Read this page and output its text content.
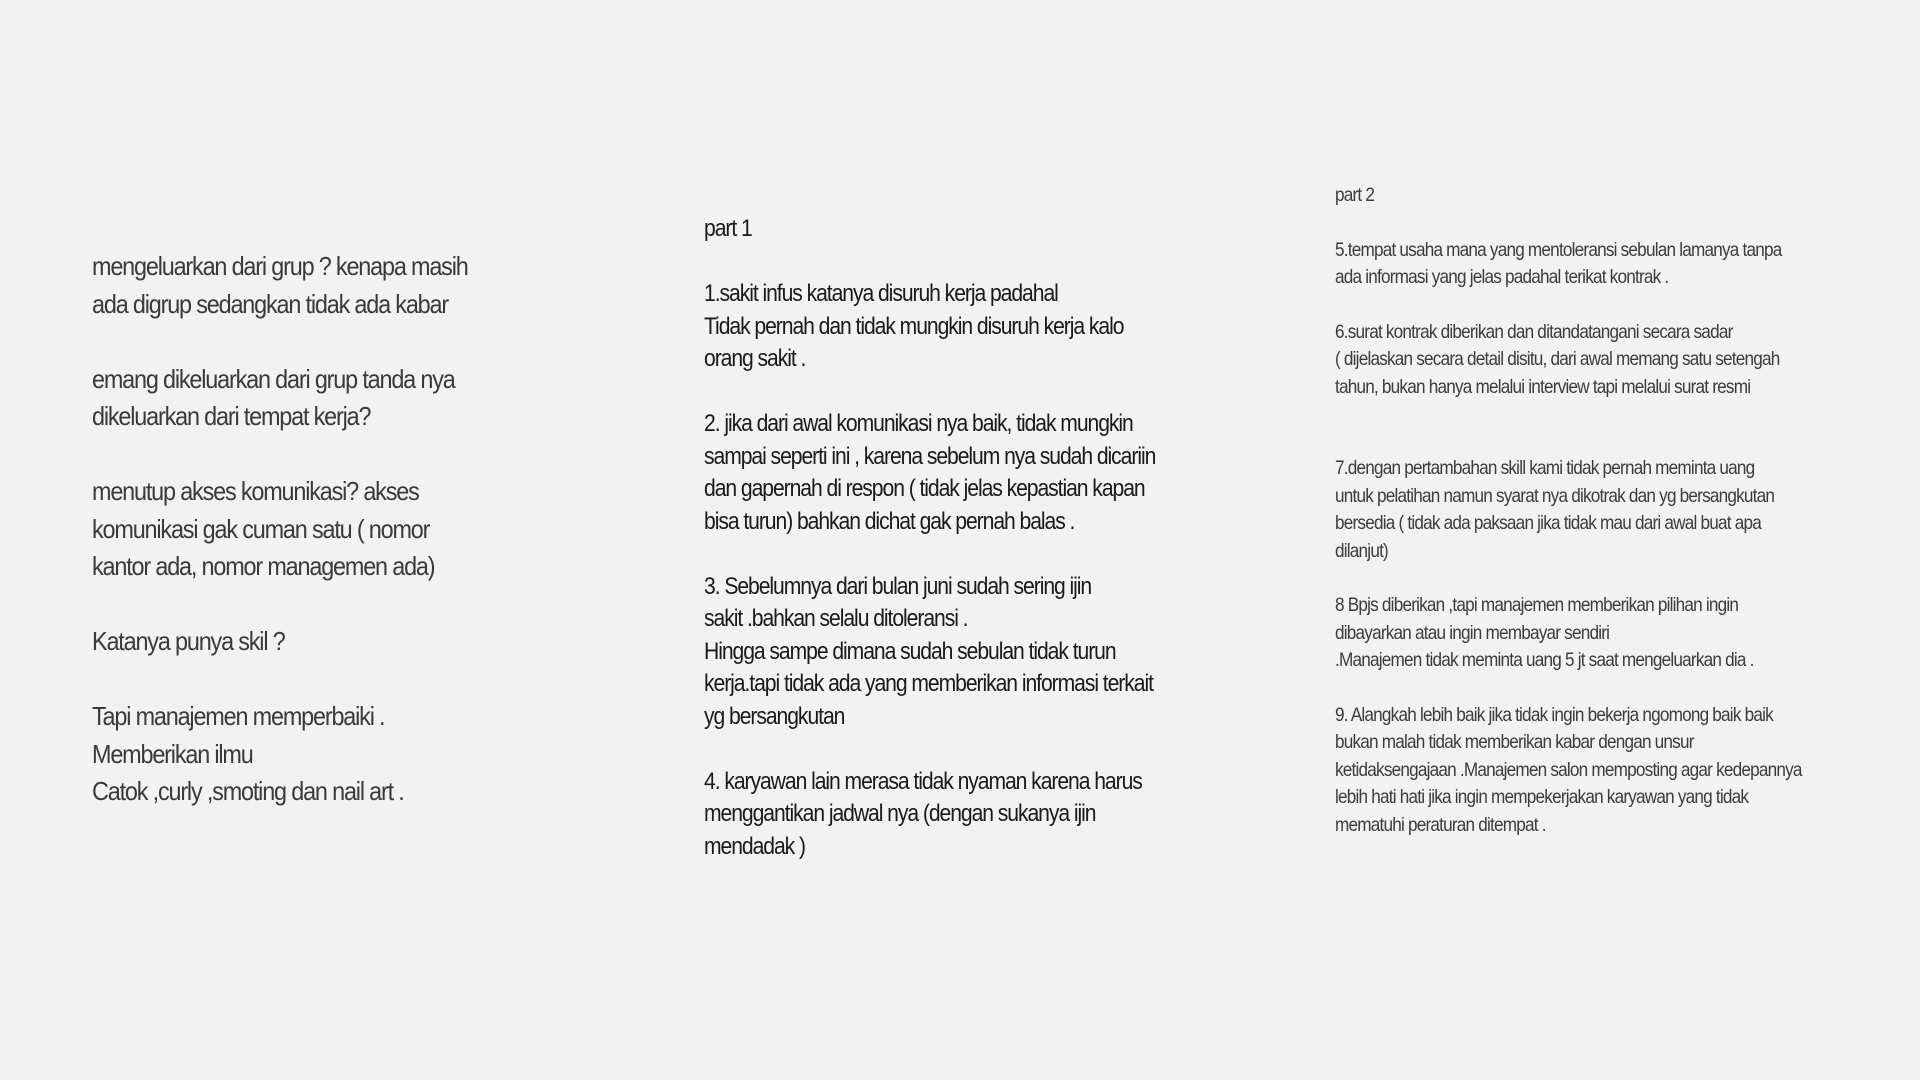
mengeluarkan dari grup ? kenapa masih
ada digrup sedangkan tidak ada kabar

emang dikeluarkan dari grup tanda nya
dikeluarkan dari tempat kerja?

menutup akses komunikasi? akses
komunikasi gak cuman satu ( nomor
kantor ada, nomor managemen ada)

Katanya punya skil ?

Tapi manajemen memperbaiki .
Memberikan ilmu
Catok ,curly ,smoting dan nail art .

part 1

1.sakit infus katanya disuruh kerja padahal
Tidak pernah dan tidak mungkin disuruh kerja kalo
orang sakit .

2. jika dari awal komunikasi nya baik, tidak mungkin
sampai seperti ini , karena sebelum nya sudah dicariin
dan gapernah di respon ( tidak jelas kepastian kapan
bisa turun) bahkan dichat gak pernah balas .

3. Sebelumnya dari bulan juni sudah sering ijin
sakit .bahkan selalu ditoleransi .
Hingga sampe dimana sudah sebulan tidak turun
kerja.tapi tidak ada yang memberikan informasi terkait
yg bersangkutan

4. karyawan lain merasa tidak nyaman karena harus
menggantikan jadwal nya (dengan sukanya ijin
mendadak )

part 2

5.tempat usaha mana yang mentoleransi sebulan lamanya tanpa
ada informasi yang jelas padahal terikat kontrak .

6.surat kontrak diberikan dan ditandatangani secara sadar
( dijelaskan secara detail disitu, dari awal memang satu setengah
tahun, bukan hanya melalui interview tapi melalui surat resmi

7.dengan pertambahan skill kami tidak pernah meminta uang
untuk pelatihan namun syarat nya dikotrak dan yg bersangkutan
bersedia ( tidak ada paksaan jika tidak mau dari awal buat apa
dilanjut)

8 Bpjs diberikan ,tapi manajemen memberikan pilihan ingin
dibayarkan atau ingin membayar sendiri
.Manajemen tidak meminta uang 5 jt saat mengeluarkan dia .

9. Alangkah lebih baik jika tidak ingin bekerja ngomong baik baik
bukan malah tidak memberikan kabar dengan unsur
ketidaksengajaan .Manajemen salon memposting agar kedepannya
lebih hati hati jika ingin mempekerjakan karyawan yang tidak
mematuhi peraturan ditempat .
